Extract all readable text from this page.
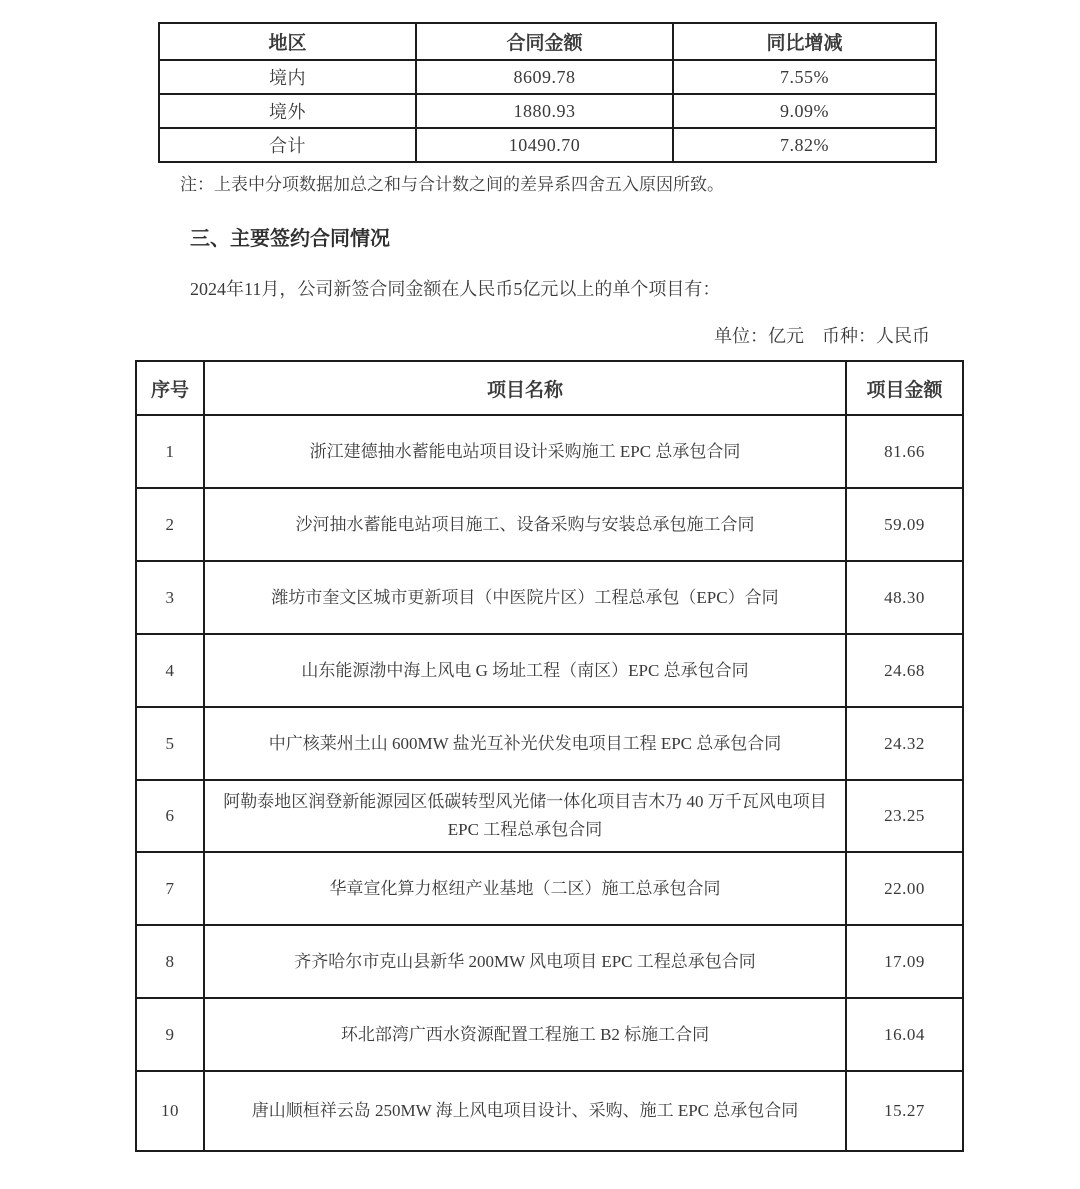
地区	合同金额	同比增减
境内	8609.78	7.55%
境外	1880.93	9.09%
合计	10490.70	7.82%

注：上表中分项数据加总之和与合计数之间的差异系四舍五入原因所致。

三、主要签约合同情况

2024年11月，公司新签合同金额在人民币5亿元以上的单个项目有：

单位：亿元　币种：人民币

序号	项目名称	项目金额
1	浙江建德抽水蓄能电站项目设计采购施工 EPC 总承包合同	81.66
2	沙河抽水蓄能电站项目施工、设备采购与安装总承包施工合同	59.09
3	潍坊市奎文区城市更新项目（中医院片区）工程总承包（EPC）合同	48.30
4	山东能源渤中海上风电 G 场址工程（南区）EPC 总承包合同	24.68
5	中广核莱州土山 600MW 盐光互补光伏发电项目工程 EPC 总承包合同	24.32
6	阿勒泰地区润登新能源园区低碳转型风光储一体化项目吉木乃 40 万千瓦风电项目 EPC 工程总承包合同	23.25
7	华章宣化算力枢纽产业基地（二区）施工总承包合同	22.00
8	齐齐哈尔市克山县新华 200MW 风电项目 EPC 工程总承包合同	17.09
9	环北部湾广西水资源配置工程施工 B2 标施工合同	16.04
10	唐山顺桓祥云岛 250MW 海上风电项目设计、采购、施工 EPC 总承包合同	15.27
